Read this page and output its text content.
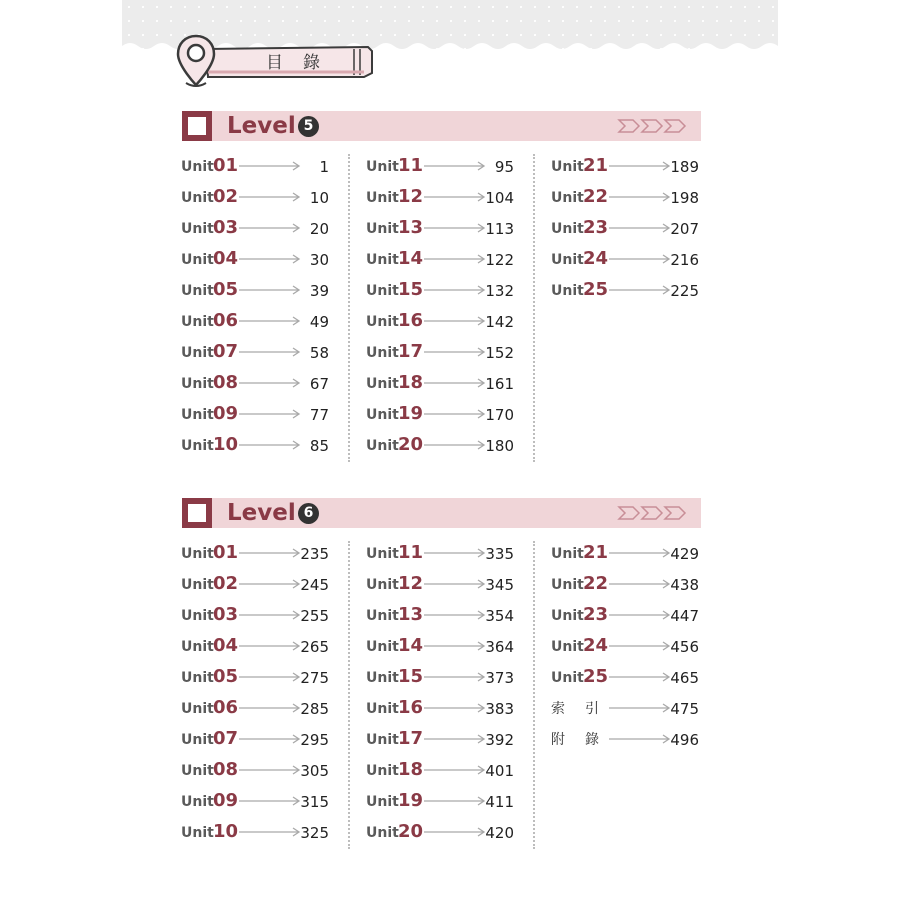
目錄
Level 5
Unit 01	1
Unit 02	10
Unit 03	20
Unit 04	30
Unit 05	39
Unit 06	49
Unit 07	58
Unit 08	67
Unit 09	77
Unit 10	85
Unit 11	95
Unit 12	104
Unit 13	113
Unit 14	122
Unit 15	132
Unit 16	142
Unit 17	152
Unit 18	161
Unit 19	170
Unit 20	180
Unit 21	189
Unit 22	198
Unit 23	207
Unit 24	216
Unit 25	225
Level 6
Unit 01	235
Unit 02	245
Unit 03	255
Unit 04	265
Unit 05	275
Unit 06	285
Unit 07	295
Unit 08	305
Unit 09	315
Unit 10	325
Unit 11	335
Unit 12	345
Unit 13	354
Unit 14	364
Unit 15	373
Unit 16	383
Unit 17	392
Unit 18	401
Unit 19	411
Unit 20	420
Unit 21	429
Unit 22	438
Unit 23	447
Unit 24	456
Unit 25	465
索引	475
附錄	496
